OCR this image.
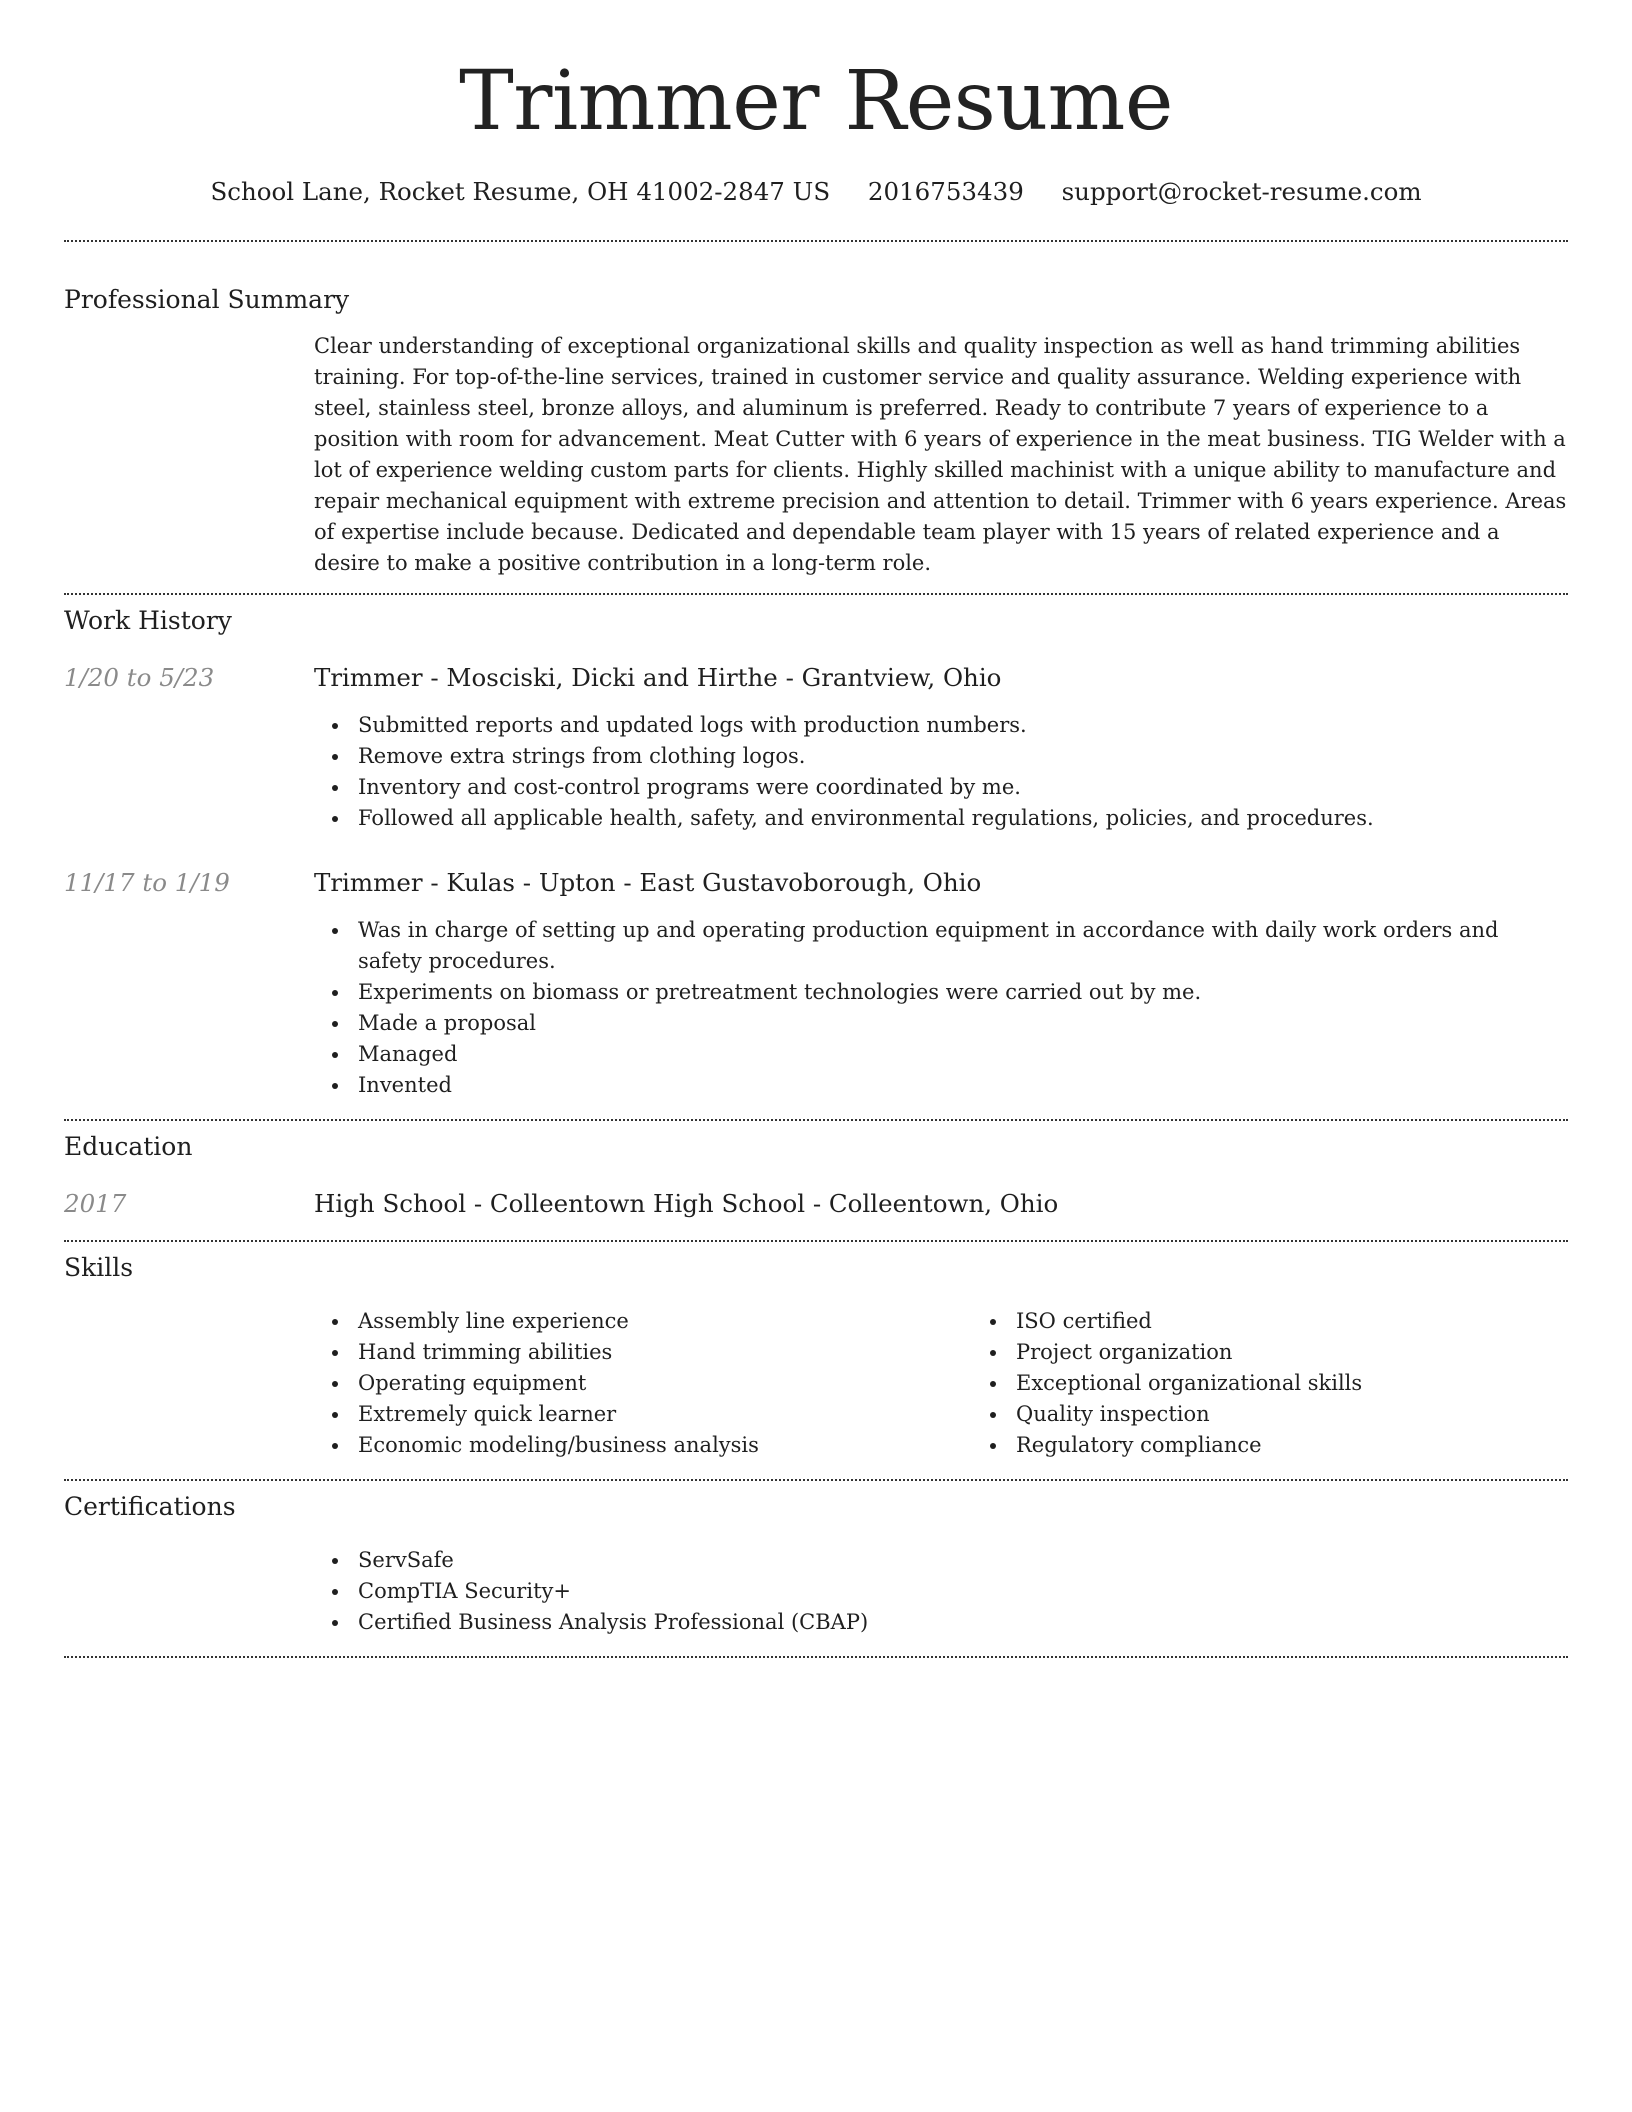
Trimmer Resume
School Lane, Rocket Resume, OH 41002-2847 US 2016753439 support@rocket-resume.com
Professional Summary

Clear understanding of exceptional organizational skills and quality inspection as well as hand trimming abilities training. For top-of-the-line services, trained in customer service and quality assurance. Welding experience with steel, stainless steel, bronze alloys, and aluminum is preferred. Ready to contribute 7 years of experience to a position with room for advancement. Meat Cutter with 6 years of experience in the meat business. TIG Welder with a lot of experience welding custom parts for clients. Highly skilled machinist with a unique ability to manufacture and repair mechanical equipment with extreme precision and attention to detail. Trimmer with 6 years experience. Areas of expertise include because. Dedicated and dependable team player with 15 years of related experience and a desire to make a positive contribution in a long-term role.

Work History
1/20 to 5/23	Trimmer - Mosciski, Dicki and Hirthe - Grantview, Ohio
Submitted reports and updated logs with production numbers.
Remove extra strings from clothing logos.
Inventory and cost-control programs were coordinated by me.
Followed all applicable health, safety, and environmental regulations, policies, and procedures.
11/17 to 1/19	Trimmer - Kulas - Upton - East Gustavoborough, Ohio
Was in charge of setting up and operating production equipment in accordance with daily work orders and safety procedures.
Experiments on biomass or pretreatment technologies were carried out by me.
Made a proposal
Managed
Invented
Education
2017	High School - Colleentown High School - Colleentown, Ohio
Skills
Assembly line experience
Hand trimming abilities
Operating equipment
Extremely quick learner
Economic modeling/business analysis
ISO certified
Project organization
Exceptional organizational skills
Quality inspection
Regulatory compliance
Certifications
ServSafe
CompTIA Security+
Certified Business Analysis Professional (CBAP)
